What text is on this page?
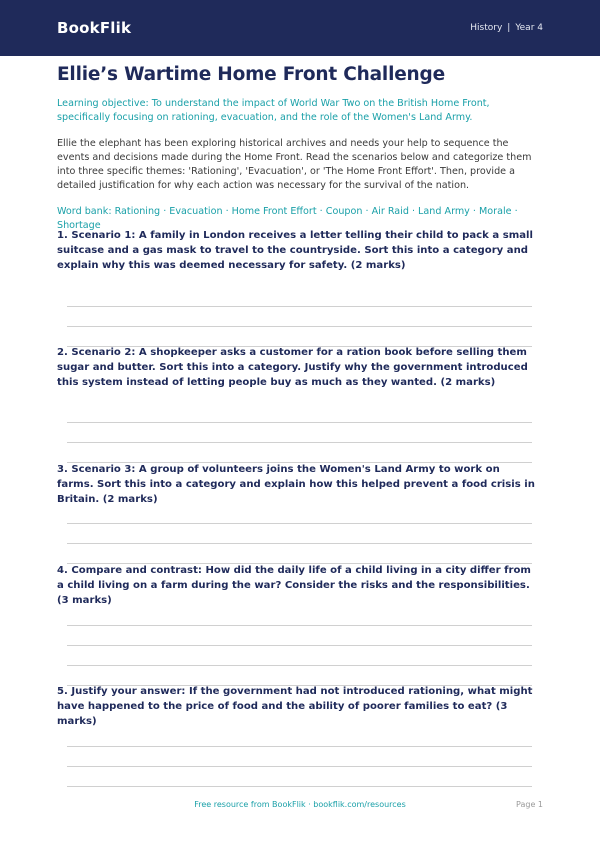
BookFlik	History | Year 4
Ellie’s Wartime Home Front Challenge
Learning objective: To understand the impact of World War Two on the British Home Front, specifically focusing on rationing, evacuation, and the role of the Women's Land Army.
Ellie the elephant has been exploring historical archives and needs your help to sequence the events and decisions made during the Home Front. Read the scenarios below and categorize them into three specific themes: 'Rationing', 'Evacuation', or 'The Home Front Effort'. Then, provide a detailed justification for why each action was necessary for the survival of the nation.
Word bank: Rationing · Evacuation · Home Front Effort · Coupon · Air Raid · Land Army · Morale · Shortage
1. Scenario 1: A family in London receives a letter telling their child to pack a small suitcase and a gas mask to travel to the countryside. Sort this into a category and explain why this was deemed necessary for safety. (2 marks)
2. Scenario 2: A shopkeeper asks a customer for a ration book before selling them sugar and butter. Sort this into a category. Justify why the government introduced this system instead of letting people buy as much as they wanted. (2 marks)
3. Scenario 3: A group of volunteers joins the Women's Land Army to work on farms. Sort this into a category and explain how this helped prevent a food crisis in Britain. (2 marks)
4. Compare and contrast: How did the daily life of a child living in a city differ from a child living on a farm during the war? Consider the risks and the responsibilities. (3 marks)
5. Justify your answer: If the government had not introduced rationing, what might have happened to the price of food and the ability of poorer families to eat? (3 marks)
Free resource from BookFlik · bookflik.com/resources	Page 1
